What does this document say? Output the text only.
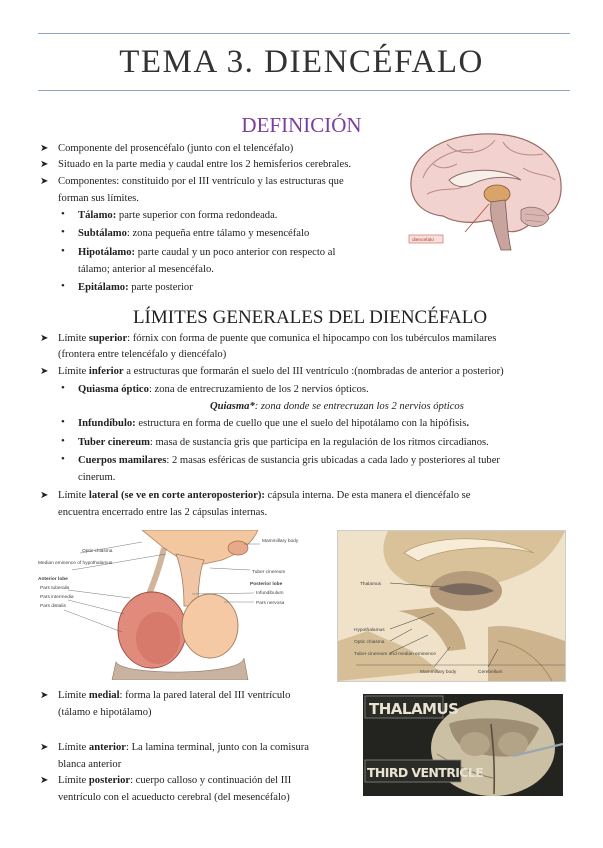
TEMA 3. DIENCÉFALO
DEFINICIÓN
➤ Componente del prosencéfalo (junto con el telencéfalo)
➤ Situado en la parte media y caudal entre los 2 hemisferios cerebrales.
➤ Componentes: constituido por el III ventrículo y las estructuras que
forman sus límites.
• Tálamo: parte superior con forma redondeada.
• Subtálamo: zona pequeña entre tálamo y mesencéfalo
• Hipotálamo: parte caudal y un poco anterior con respecto al
tálamo; anterior al mesencéfalo.
• Epitálamo: parte posterior
diencefalo
LÍMITES GENERALES DEL DIENCÉFALO
➤ Límite superior: fórnix con forma de puente que comunica el hipocampo con los tubérculos mamilares
(frontera entre telencéfalo y diencéfalo)
➤ Límite inferior a estructuras que formarán el suelo del III ventrículo :(nombradas de anterior a posterior)
• Quiasma óptico: zona de entrecruzamiento de los 2 nervios ópticos.
Quiasma*: zona donde se entrecruzan los 2 nervios ópticos
• Infundíbulo: estructura en forma de cuello que une el suelo del hipotálamo con la hipófisis.
• Tuber cinereum: masa de sustancia gris que participa en la regulación de los ritmos circadianos.
• Cuerpos mamilares: 2 masas esféricas de sustancia gris ubicadas a cada lado y posteriores al tuber
cinerum.
➤ Límite lateral (se ve en corte anteroposterior): cápsula interna. De esta manera el diencéfalo se
encuentra encerrado entre las 2 cápsulas internas.
Optic chiasma
Median eminence of hypothalamus
Anterior lobe
Pars tuberalis
Pars intermedia
Pars distalis
Tuber cinereum
Mammillary body
Posterior lobe
Infundibulum
Pars nervosa
Thalamus
Hypothalamus
Optic chiasma
Tuber cinereum and median eminence
Mammillary body	Cerebellum
➤ Límite medial: forma la pared lateral del III ventrículo
(tálamo e hipotálamo)
➤ Límite anterior: La lamina terminal, junto con la comisura
blanca anterior
➤ Límite posterior: cuerpo calloso y continuación del III
ventrículo con el acueducto cerebral (del mesencéfalo)
THALAMUS
THIRD VENTRICLE
